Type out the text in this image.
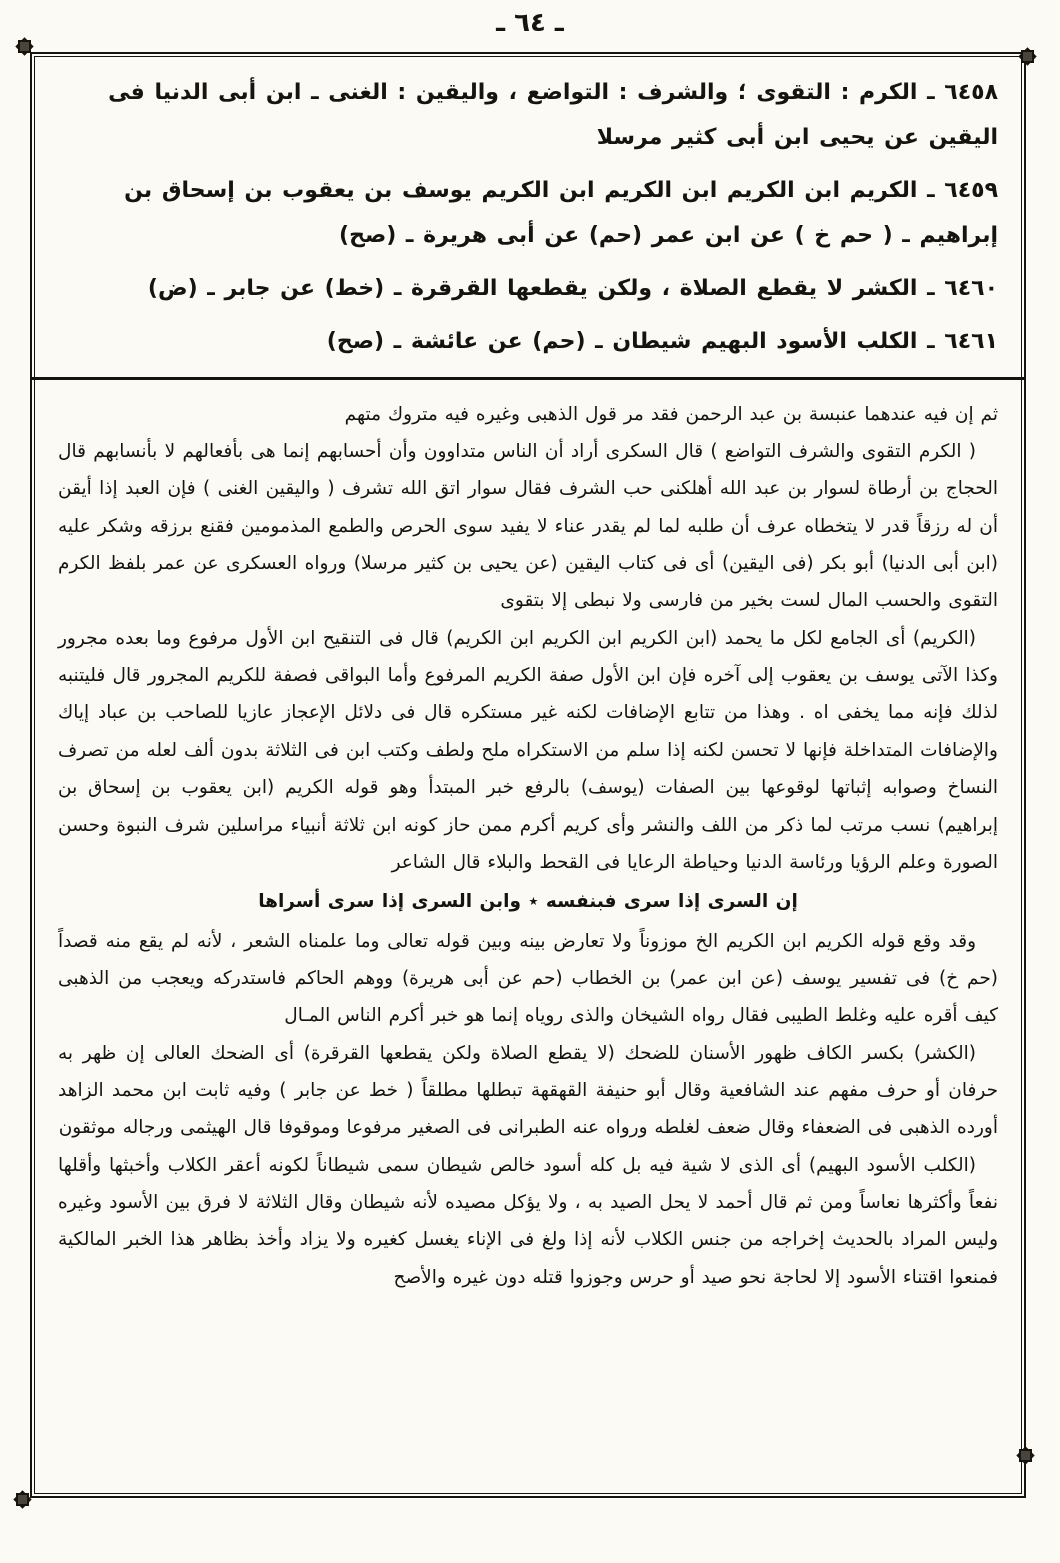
ـ ٦٤ ـ

٦٤٥٨ ـ الكرم : التقوى ؛ والشرف : التواضع ، واليقين : الغنى ـ ابن أبى الدنيا فى اليقين عن يحيى ابن أبى كثير مرسلا

٦٤٥٩ ـ الكريم ابن الكريم ابن الكريم ابن الكريم يوسف بن يعقوب بن إسحاق بن إبراهيم ـ ( حم خ ) عن ابن عمر (حم) عن أبى هريرة ـ (صح)

٦٤٦٠ ـ الكشر لا يقطع الصلاة ، ولكن يقطعها القرقرة ـ (خط) عن جابر ـ (ض)

٦٤٦١ ـ الكلب الأسود البهيم شيطان ـ (حم) عن عائشة ـ (صح)

ثم إن فيه عندهما عنبسة بن عبد الرحمن فقد مر قول الذهبى وغيره فيه متروك متهم

( الكرم التقوى والشرف التواضع ) قال السكرى أراد أن الناس متداوون وأن أحسابهم إنما هى بأفعالهم لا بأنسابهم قال الحجاج بن أرطاة لسوار بن عبد الله أهلكنى حب الشرف فقال سوار اتق الله تشرف ( واليقين الغنى ) فإن العبد إذا أيقن أن له رزقاً قدر لا يتخطاه عرف أن طلبه لما لم يقدر عناء لا يفيد سوى الحرص والطمع المذمومين فقنع برزقه وشكر عليه (ابن أبى الدنيا) أبو بكر (فى اليقين) أى فى كتاب اليقين (عن يحيى بن كثير مرسلا) ورواه العسكرى عن عمر بلفظ الكرم التقوى والحسب المال لست بخير من فارسى ولا نبطى إلا بتقوى

(الكريم) أى الجامع لكل ما يحمد (ابن الكريم ابن الكريم ابن الكريم) قال فى التنقيح ابن الأول مرفوع وما بعده مجرور وكذا الآتى يوسف بن يعقوب إلى آخره فإن ابن الأول صفة الكريم المرفوع وأما البواقى فصفة للكريم المجرور قال فليتنبه لذلك فإنه مما يخفى اه . وهذا من تتابع الإضافات لكنه غير مستكره قال فى دلائل الإعجاز عازيا للصاحب بن عباد إياك والإضافات المتداخلة فإنها لا تحسن لكنه إذا سلم من الاستكراه ملح ولطف وكتب ابن فى الثلاثة بدون ألف لعله من تصرف النساخ وصوابه إثباتها لوقوعها بين الصفات (يوسف) بالرفع خبر المبتدأ وهو قوله الكريم (ابن يعقوب بن إسحاق بن إبراهيم) نسب مرتب لما ذكر من اللف والنشر وأى كريم أكرم ممن حاز كونه ابن ثلاثة أنبياء مراسلين شرف النبوة وحسن الصورة وعلم الرؤيا ورئاسة الدنيا وحياطة الرعايا فى القحط والبلاء قال الشاعر

إن السرى إذا سرى فبنفسه ٭ وابن السرى إذا سرى أسراها

وقد وقع قوله الكريم ابن الكريم الخ موزوناً ولا تعارض بينه وبين قوله تعالى وما علمناه الشعر ، لأنه لم يقع منه قصداً (حم خ) فى تفسير يوسف (عن ابن عمر) بن الخطاب (حم عن أبى هريرة) ووهم الحاكم فاستدركه ويعجب من الذهبى كيف أقره عليه وغلط الطيبى فقال رواه الشيخان والذى روياه إنما هو خبر أكرم الناس المـال

(الكشر) بكسر الكاف ظهور الأسنان للضحك (لا يقطع الصلاة ولكن يقطعها القرقرة) أى الضحك العالى إن ظهر به حرفان أو حرف مفهم عند الشافعية وقال أبو حنيفة القهقهة تبطلها مطلقاً ( خط عن جابر ) وفيه ثابت ابن محمد الزاهد أورده الذهبى فى الضعفاء وقال ضعف لغلطه ورواه عنه الطبرانى فى الصغير مرفوعا وموقوفا قال الهيثمى ورجاله موثقون

(الكلب الأسود البهيم) أى الذى لا شية فيه بل كله أسود خالص شيطان سمى شيطاناً لكونه أعقر الكلاب وأخبثها وأقلها نفعاً وأكثرها نعاساً ومن ثم قال أحمد لا يحل الصيد به ، ولا يؤكل مصيده لأنه شيطان وقال الثلاثة لا فرق بين الأسود وغيره وليس المراد بالحديث إخراجه من جنس الكلاب لأنه إذا ولغ فى الإناء يغسل كغيره ولا يزاد وأخذ بظاهر هذا الخبر المالكية فمنعوا اقتناء الأسود إلا لحاجة نحو صيد أو حرس وجوزوا قتله دون غيره والأصح
